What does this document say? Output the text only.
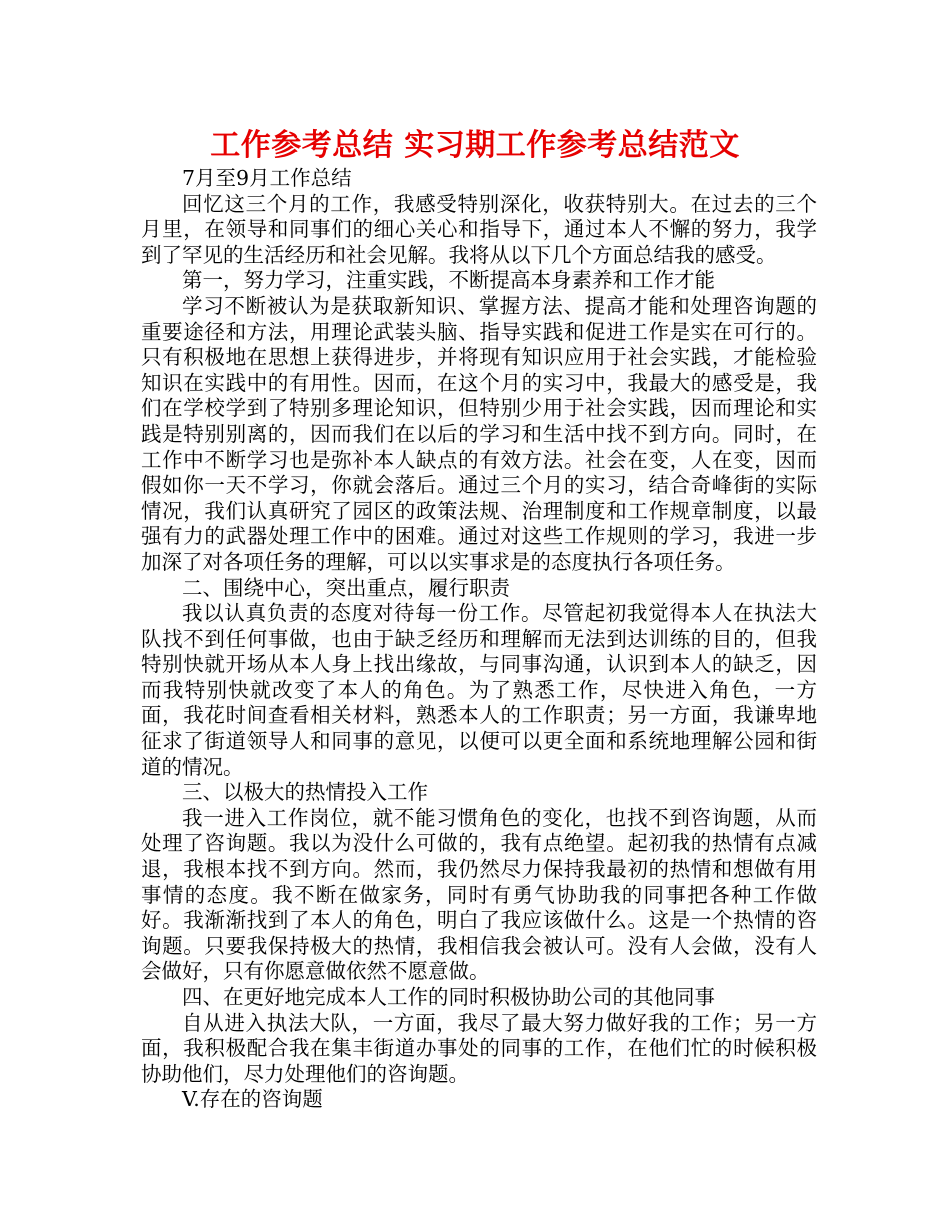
工作参考总结 实习期工作参考总结范文

7月至9月工作总结

回忆这三个月的工作，我感受特别深化，收获特别大。在过去的三个月里，在领导和同事们的细心关心和指导下，通过本人不懈的努力，我学到了罕见的生活经历和社会见解。我将从以下几个方面总结我的感受。

第一，努力学习，注重实践，不断提高本身素养和工作才能

学习不断被认为是获取新知识、掌握方法、提高才能和处理咨询题的重要途径和方法，用理论武装头脑、指导实践和促进工作是实在可行的。只有积极地在思想上获得进步，并将现有知识应用于社会实践，才能检验知识在实践中的有用性。因而，在这个月的实习中，我最大的感受是，我们在学校学到了特别多理论知识，但特别少用于社会实践，因而理论和实践是特别别离的，因而我们在以后的学习和生活中找不到方向。同时，在工作中不断学习也是弥补本人缺点的有效方法。社会在变，人在变，因而假如你一天不学习，你就会落后。通过三个月的实习，结合奇峰街的实际情况，我们认真研究了园区的政策法规、治理制度和工作规章制度，以最强有力的武器处理工作中的困难。通过对这些工作规则的学习，我进一步加深了对各项任务的理解，可以以实事求是的态度执行各项任务。

二、围绕中心，突出重点，履行职责

我以认真负责的态度对待每一份工作。尽管起初我觉得本人在执法大队找不到任何事做，也由于缺乏经历和理解而无法到达训练的目的，但我特别快就开场从本人身上找出缘故，与同事沟通，认识到本人的缺乏，因而我特别快就改变了本人的角色。为了熟悉工作，尽快进入角色，一方面，我花时间查看相关材料，熟悉本人的工作职责；另一方面，我谦卑地征求了街道领导人和同事的意见，以便可以更全面和系统地理解公园和街道的情况。

三、以极大的热情投入工作

我一进入工作岗位，就不能习惯角色的变化，也找不到咨询题，从而处理了咨询题。我以为没什么可做的，我有点绝望。起初我的热情有点减退，我根本找不到方向。然而，我仍然尽力保持我最初的热情和想做有用事情的态度。我不断在做家务，同时有勇气协助我的同事把各种工作做好。我渐渐找到了本人的角色，明白了我应该做什么。这是一个热情的咨询题。只要我保持极大的热情，我相信我会被认可。没有人会做，没有人会做好，只有你愿意做依然不愿意做。

四、在更好地完成本人工作的同时积极协助公司的其他同事

自从进入执法大队，一方面，我尽了最大努力做好我的工作；另一方面，我积极配合我在集丰街道办事处的同事的工作，在他们忙的时候积极协助他们，尽力处理他们的咨询题。

V.存在的咨询题
